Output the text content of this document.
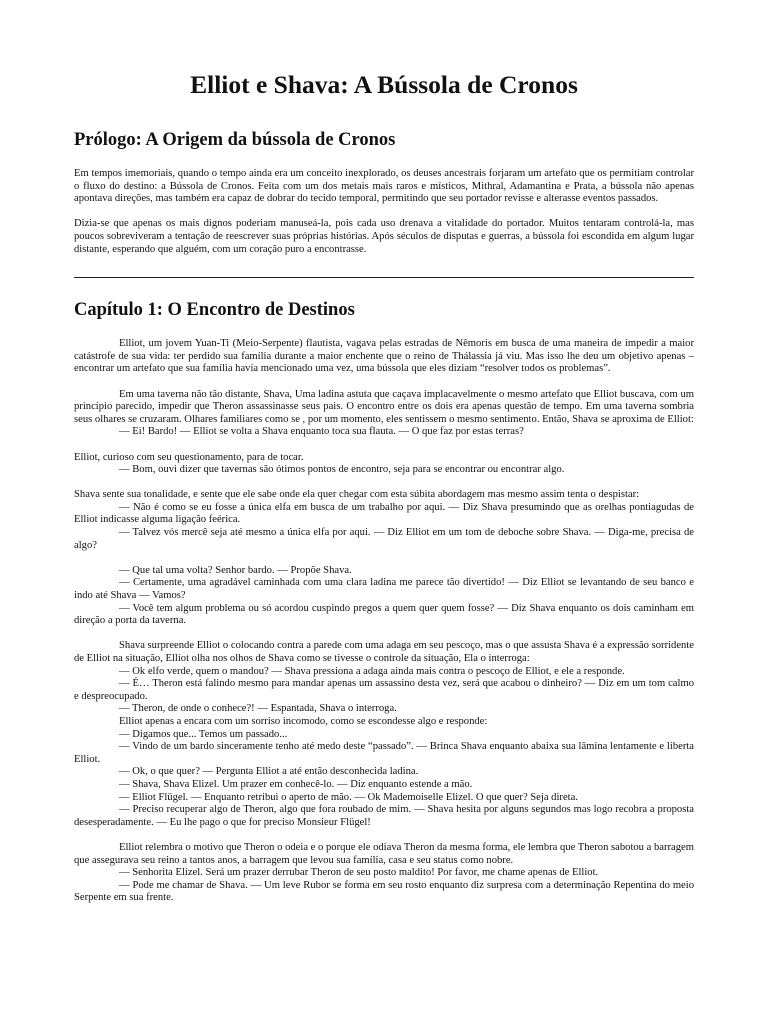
Elliot e Shava: A Bússola de Cronos
Prólogo: A Origem da bússola de Cronos

Em tempos imemoriais, quando o tempo ainda era um conceito inexplorado, os deuses ancestrais forjaram um artefato que os permitiam controlar o fluxo do destino: a Bússola de Cronos. Feita com um dos metais mais raros e místicos, Mithral, Adamantina e Prata, a bússola não apenas apontava direções, mas também era capaz de dobrar do tecido temporal, permitindo que seu portador revisse e alterasse eventos passados.

Dizia-se que apenas os mais dignos poderiam manuseá-la, pois cada uso drenava a vitalidade do portador. Muitos tentaram controlá-la, mas poucos sobreviveram a tentação de reescrever suas próprias histórias. Após séculos de disputas e guerras, a bússola foi escondida em algum lugar distante, esperando que alguém, com um coração puro a encontrasse.

Capítulo 1: O Encontro de Destinos

Elliot, um jovem Yuan-Ti (Meio-Serpente) flautista, vagava pelas estradas de Nêmoris em busca de uma maneira de impedir a maior catástrofe de sua vida: ter perdido sua família durante a maior enchente que o reino de Thálassia já viu. Mas isso lhe deu um objetivo apenas – encontrar um artefato que sua família havia mencionado uma vez, uma bússola que eles diziam “resolver todos os problemas”.

Em uma taverna não tão distante, Shava, Uma ladina astuta que caçava implacavelmente o mesmo artefato que Elliot buscava, com um princípio parecido, impedir que Theron assassinasse seus pais. O encontro entre os dois era apenas questão de tempo. Em uma taverna sombria seus olhares se cruzaram. Olhares familiares como se , por um momento, eles sentissem o mesmo sentimento. Então, Shava se aproxima de Elliot:

— Ei! Bardo! — Elliot se volta a Shava enquanto toca sua flauta. — O que faz por estas terras?

Elliot, curioso com seu questionamento, para de tocar.

— Bom, ouvi dizer que tavernas são ótimos pontos de encontro, seja para se encontrar ou encontrar algo.

Shava sente sua tonalidade, e sente que ele sabe onde ela quer chegar com esta súbita abordagem mas mesmo assim tenta o despistar:

— Não é como se eu fosse a única elfa em busca de um trabalho por aqui. — Diz Shava presumindo que as orelhas pontiagudas de Elliot indicasse alguma ligação feérica.

— Talvez vós mercê seja até mesmo a única elfa por aqui. — Diz Elliot em um tom de deboche sobre Shava. — Diga-me, precisa de algo?

— Que tal uma volta? Senhor bardo. — Propõe Shava.

— Certamente, uma agradável caminhada com uma clara ladina me parece tão divertido! — Diz Elliot se levantando de seu banco e indo até Shava — Vamos?

— Você tem algum problema ou só acordou cuspindo pregos a quem quer quem fosse? — Diz Shava enquanto os dois caminham em direção a porta da taverna.

Shava surpreende Elliot o colocando contra a parede com uma adaga em seu pescoço, mas o que assusta Shava é a expressão sorridente de Elliot na situação, Elliot olha nos olhos de Shava como se tivesse o controle da situação, Ela o interroga:

— Ok elfo verde, quem o mandou? — Shava pressiona a adaga ainda mais contra o pescoço de Elliot, e ele a responde.

— É… Theron está falindo mesmo para mandar apenas um assassino desta vez, será que acabou o dinheiro? — Diz em um tom calmo e despreocupado.

— Theron, de onde o conhece?! — Espantada, Shava o interroga.

Elliot apenas a encara com um sorriso incomodo, como se escondesse algo e responde:

— Digamos que... Temos um passado...

— Vindo de um bardo sinceramente tenho até medo deste “passado”. — Brinca Shava enquanto abaixa sua lâmina lentamente e liberta Elliot.

— Ok, o que quer? — Pergunta Elliot a até então desconhecida ladina.

— Shava, Shava Elizel. Um prazer em conhecê-lo. — Diz enquanto estende a mão.

— Elliot Flügel. — Enquanto retribui o aperto de mão. — Ok Mademoiselle Elizel. O que quer? Seja direta.

— Preciso recuperar algo de Theron, algo que fora roubado de mim. — Shava hesita por alguns segundos mas logo recobra a proposta desesperadamente. — Eu lhe pago o que for preciso Monsieur Flügel!

Elliot relembra o motivo que Theron o odeia e o porque ele odiava Theron da mesma forma, ele lembra que Theron sabotou a barragem que assegurava seu reino a tantos anos, a barragem que levou sua família, casa e seu status como nobre.

— Senhorita Elizel. Será um prazer derrubar Theron de seu posto maldito! Por favor, me chame apenas de Elliot.

— Pode me chamar de Shava. — Um leve Rubor se forma em seu rosto enquanto diz surpresa com a determinação Repentina do meio Serpente em sua frente.
